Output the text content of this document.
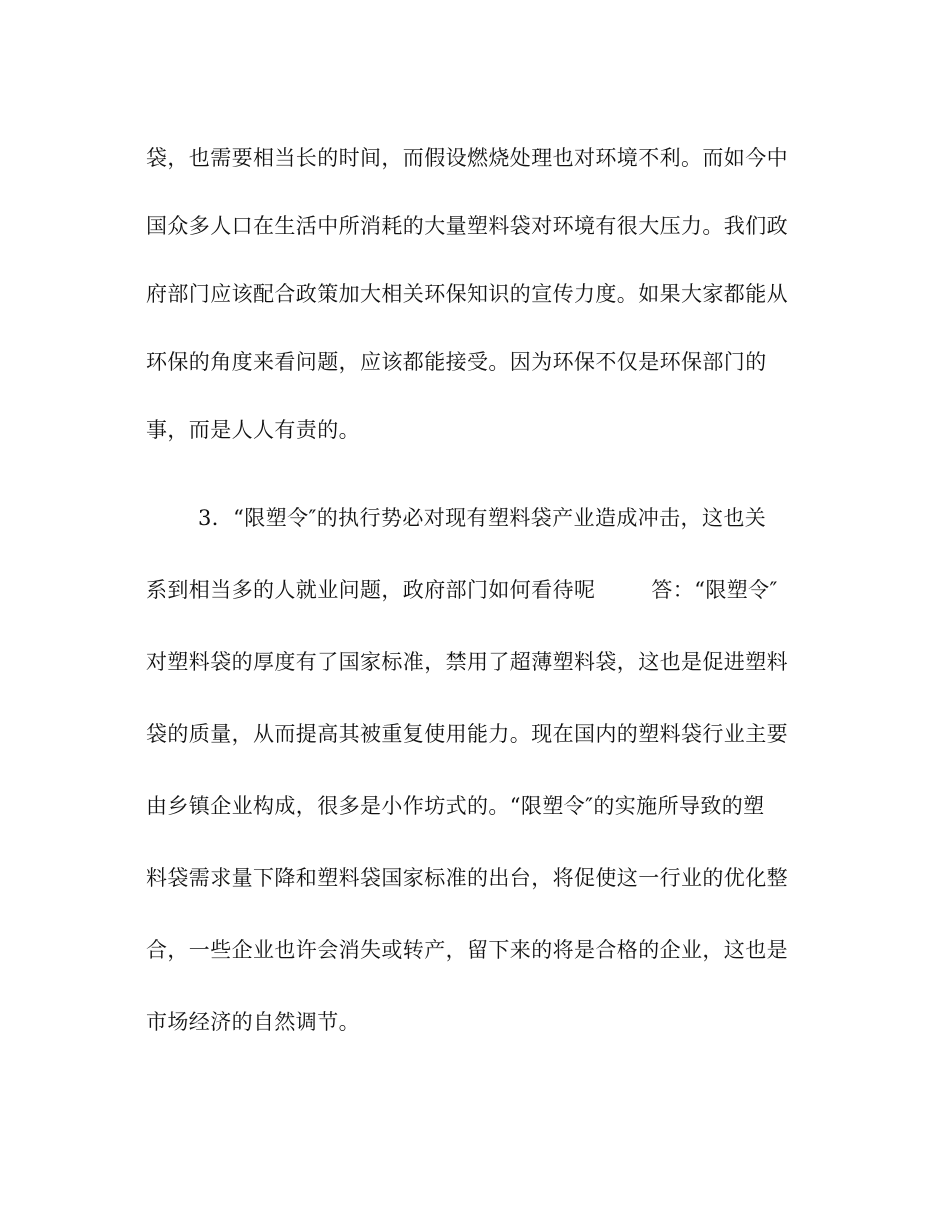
袋，也需要相当长的时间，而假设燃烧处理也对环境不利。而如今中
国众多人口在生活中所消耗的大量塑料袋对环境有很大压力。我们政
府部门应该配合政策加大相关环保知识的宣传力度。如果大家都能从
环保的角度来看问题，应该都能接受。因为环保不仅是环保部门的
事，而是人人有责的。
3．“限塑令″的执行势必对现有塑料袋产业造成冲击，这也关
系到相当多的人就业问题，政府部门如何看待呢	答：“限塑令″
对塑料袋的厚度有了国家标准，禁用了超薄塑料袋，这也是促进塑料
袋的质量，从而提高其被重复使用能力。现在国内的塑料袋行业主要
由乡镇企业构成，很多是小作坊式的。“限塑令″的实施所导致的塑
料袋需求量下降和塑料袋国家标准的出台，将促使这一行业的优化整
合，一些企业也许会消失或转产，留下来的将是合格的企业，这也是
市场经济的自然调节。
